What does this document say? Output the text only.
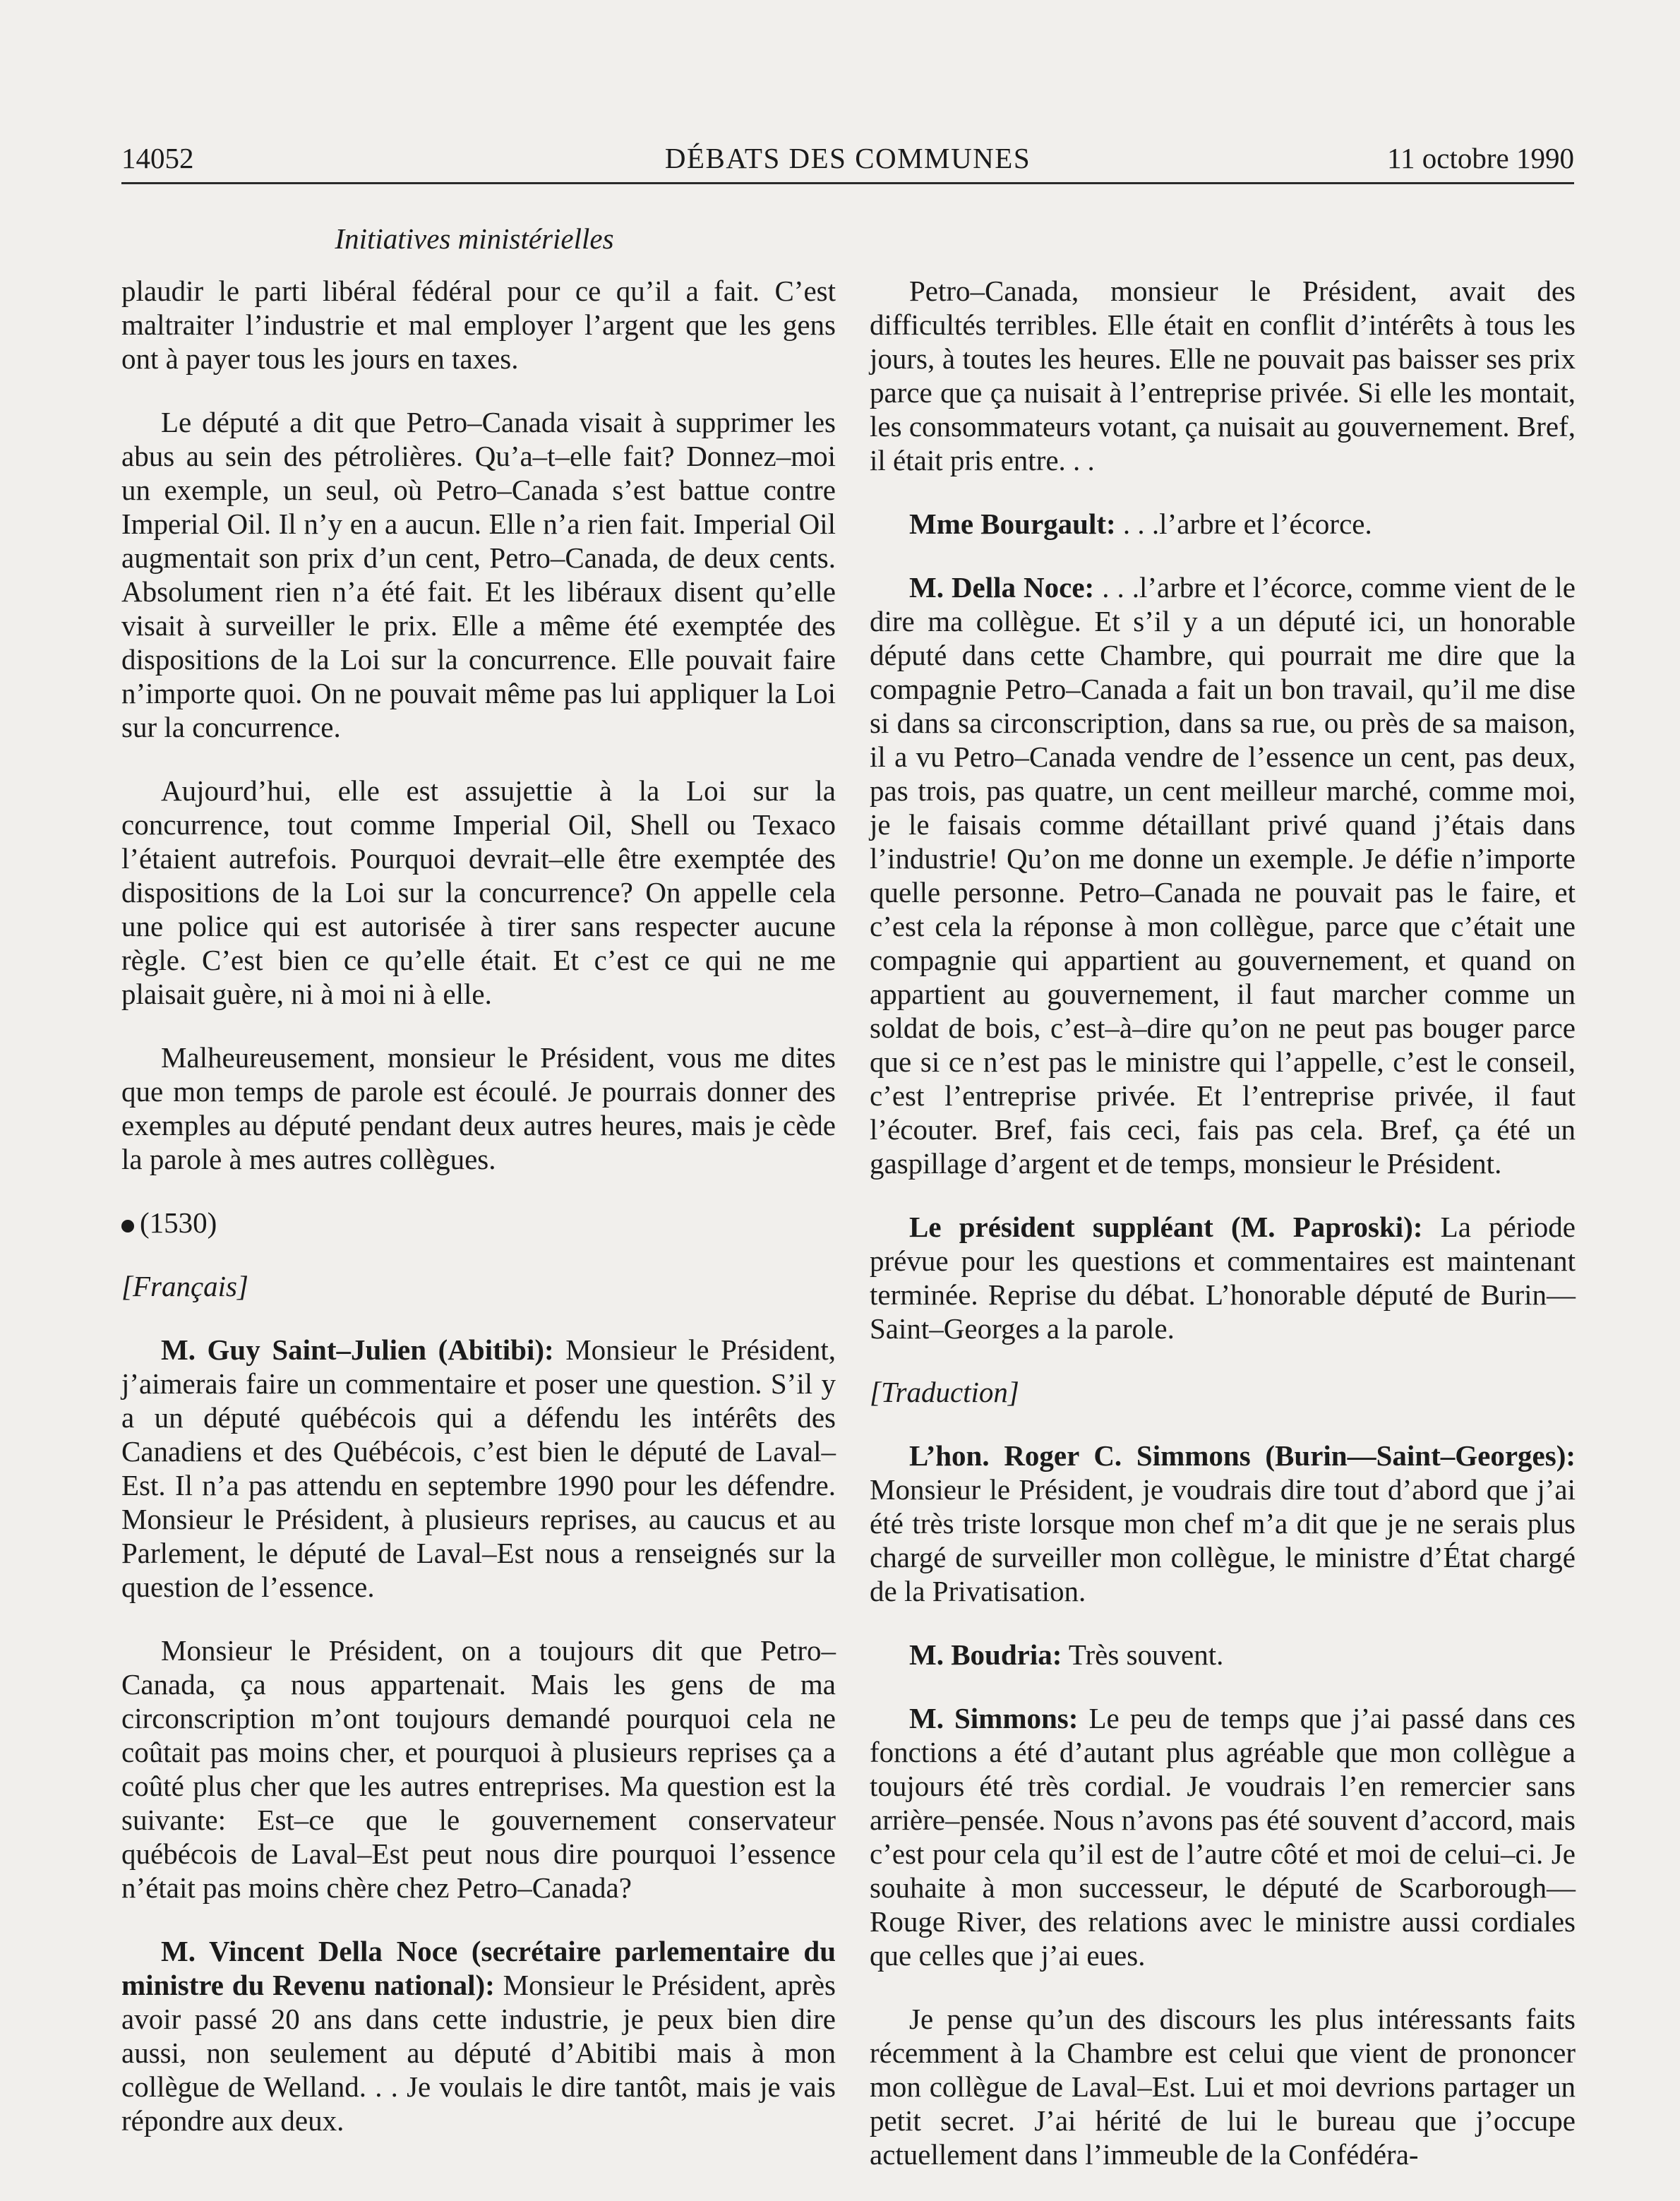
14052	DÉBATS DES COMMUNES	11 octobre 1990
Initiatives ministérielles

plaudir le parti libéral fédéral pour ce qu’il a fait. C’est maltraiter l’industrie et mal employer l’argent que les gens ont à payer tous les jours en taxes.

Le député a dit que Petro–Canada visait à supprimer les abus au sein des pétrolières. Qu’a–t–elle fait? Donnez–moi un exemple, un seul, où Petro–Canada s’est battue contre Imperial Oil. Il n’y en a aucun. Elle n’a rien fait. Imperial Oil augmentait son prix d’un cent, Petro–Canada, de deux cents. Absolument rien n’a été fait. Et les libéraux disent qu’elle visait à surveiller le prix. Elle a même été exemptée des dispositions de la Loi sur la concurrence. Elle pouvait faire n’importe quoi. On ne pouvait même pas lui appliquer la Loi sur la concurrence.

Aujourd’hui, elle est assujettie à la Loi sur la concurrence, tout comme Imperial Oil, Shell ou Texaco l’étaient autrefois. Pourquoi devrait–elle être exemptée des dispositions de la Loi sur la concurrence? On appelle cela une police qui est autorisée à tirer sans respecter aucune règle. C’est bien ce qu’elle était. Et c’est ce qui ne me plaisait guère, ni à moi ni à elle.

Malheureusement, monsieur le Président, vous me dites que mon temps de parole est écoulé. Je pourrais donner des exemples au député pendant deux autres heures, mais je cède la parole à mes autres collègues.

(1530)

[Français]

M. Guy Saint–Julien (Abitibi): Monsieur le Président, j’aimerais faire un commentaire et poser une question. S’il y a un député québécois qui a défendu les intérêts des Canadiens et des Québécois, c’est bien le député de Laval–Est. Il n’a pas attendu en septembre 1990 pour les défendre. Monsieur le Président, à plusieurs reprises, au caucus et au Parlement, le député de Laval–Est nous a renseignés sur la question de l’essence.

Monsieur le Président, on a toujours dit que Petro–Canada, ça nous appartenait. Mais les gens de ma circonscription m’ont toujours demandé pourquoi cela ne coûtait pas moins cher, et pourquoi à plusieurs reprises ça a coûté plus cher que les autres entreprises. Ma question est la suivante: Est–ce que le gouvernement conservateur québécois de Laval–Est peut nous dire pourquoi l’essence n’était pas moins chère chez Petro–Canada?

M. Vincent Della Noce (secrétaire parlementaire du ministre du Revenu national): Monsieur le Président, après avoir passé 20 ans dans cette industrie, je peux bien dire aussi, non seulement au député d’Abitibi mais à mon collègue de Welland. . . Je voulais le dire tantôt, mais je vais répondre aux deux.

Petro–Canada, monsieur le Président, avait des difficultés terribles. Elle était en conflit d’intérêts à tous les jours, à toutes les heures. Elle ne pouvait pas baisser ses prix parce que ça nuisait à l’entreprise privée. Si elle les montait, les consommateurs votant, ça nuisait au gouvernement. Bref, il était pris entre. . .

Mme Bourgault: . . .l’arbre et l’écorce.

M. Della Noce: . . .l’arbre et l’écorce, comme vient de le dire ma collègue. Et s’il y a un député ici, un honorable député dans cette Chambre, qui pourrait me dire que la compagnie Petro–Canada a fait un bon travail, qu’il me dise si dans sa circonscription, dans sa rue, ou près de sa maison, il a vu Petro–Canada vendre de l’essence un cent, pas deux, pas trois, pas quatre, un cent meilleur marché, comme moi, je le faisais comme détaillant privé quand j’étais dans l’industrie! Qu’on me donne un exemple. Je défie n’importe quelle personne. Petro–Canada ne pouvait pas le faire, et c’est cela la réponse à mon collègue, parce que c’était une compagnie qui appartient au gouvernement, et quand on appartient au gouvernement, il faut marcher comme un soldat de bois, c’est–à–dire qu’on ne peut pas bouger parce que si ce n’est pas le ministre qui l’appelle, c’est le conseil, c’est l’entreprise privée. Et l’entreprise privée, il faut l’écouter. Bref, fais ceci, fais pas cela. Bref, ça été un gaspillage d’argent et de temps, monsieur le Président.

Le président suppléant (M. Paproski): La période prévue pour les questions et commentaires est maintenant terminée. Reprise du débat. L’honorable député de Burin—Saint–Georges a la parole.

[Traduction]

L’hon. Roger C. Simmons (Burin—Saint–Georges): Monsieur le Président, je voudrais dire tout d’abord que j’ai été très triste lorsque mon chef m’a dit que je ne serais plus chargé de surveiller mon collègue, le ministre d’État chargé de la Privatisation.

M. Boudria: Très souvent.

M. Simmons: Le peu de temps que j’ai passé dans ces fonctions a été d’autant plus agréable que mon collègue a toujours été très cordial. Je voudrais l’en remercier sans arrière–pensée. Nous n’avons pas été souvent d’accord, mais c’est pour cela qu’il est de l’autre côté et moi de celui–ci. Je souhaite à mon successeur, le député de Scarborough—Rouge River, des relations avec le ministre aussi cordiales que celles que j’ai eues.

Je pense qu’un des discours les plus intéressants faits récemment à la Chambre est celui que vient de prononcer mon collègue de Laval–Est. Lui et moi devrions partager un petit secret. J’ai hérité de lui le bureau que j’occupe actuellement dans l’immeuble de la Confédéra-
